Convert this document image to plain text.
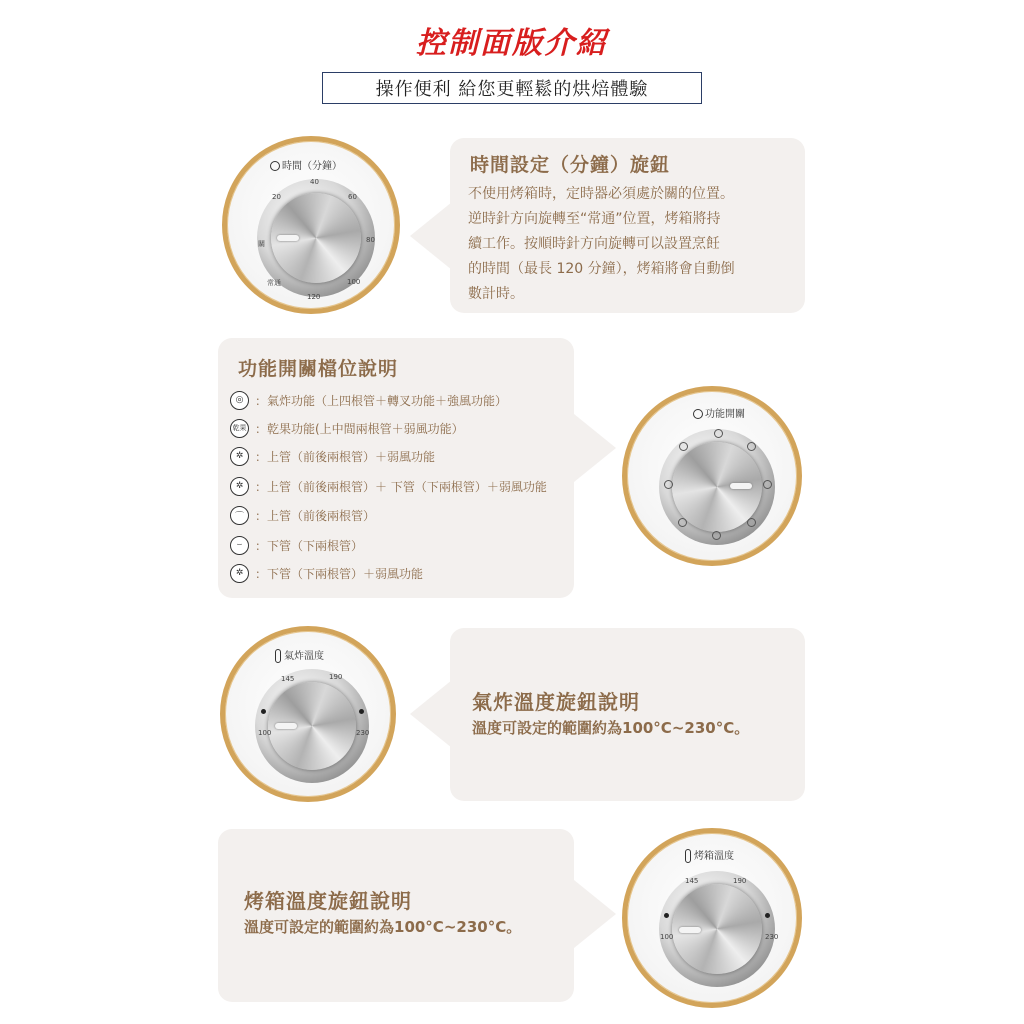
控制面版介紹
操作便利 給您更輕鬆的烘焙體驗
時間（分鐘）
20
40
60
80
100
120
常通
關
時間設定（分鐘）旋鈕
不使用烤箱時，定時器必須處於關的位置。
逆時針方向旋轉至“常通”位置，烤箱將持
續工作。按順時針方向旋轉可以設置烹飪
的時間（最長 120 分鐘），烤箱將會自動倒
數計時。
功能開關檔位說明
◎ ：氣炸功能（上四根管＋轉叉功能＋強風功能）
乾果 ：乾果功能(上中間兩根管＋弱風功能）
✲ ：上管（前後兩根管）＋弱風功能
✲ ：上管（前後兩根管）＋ 下管（下兩根管）＋弱風功能
⌒ ：上管（前後兩根管）
⌣	：下管（下兩根管）
✲ ：下管（下兩根管）＋弱風功能
功能開關
氣炸溫度
145	190
100	230
氣炸溫度旋鈕說明
溫度可設定的範圍約為100°C~230°C。
烤箱溫度旋鈕說明
溫度可設定的範圍約為100°C~230°C。
烤箱溫度
145	190
100	230
